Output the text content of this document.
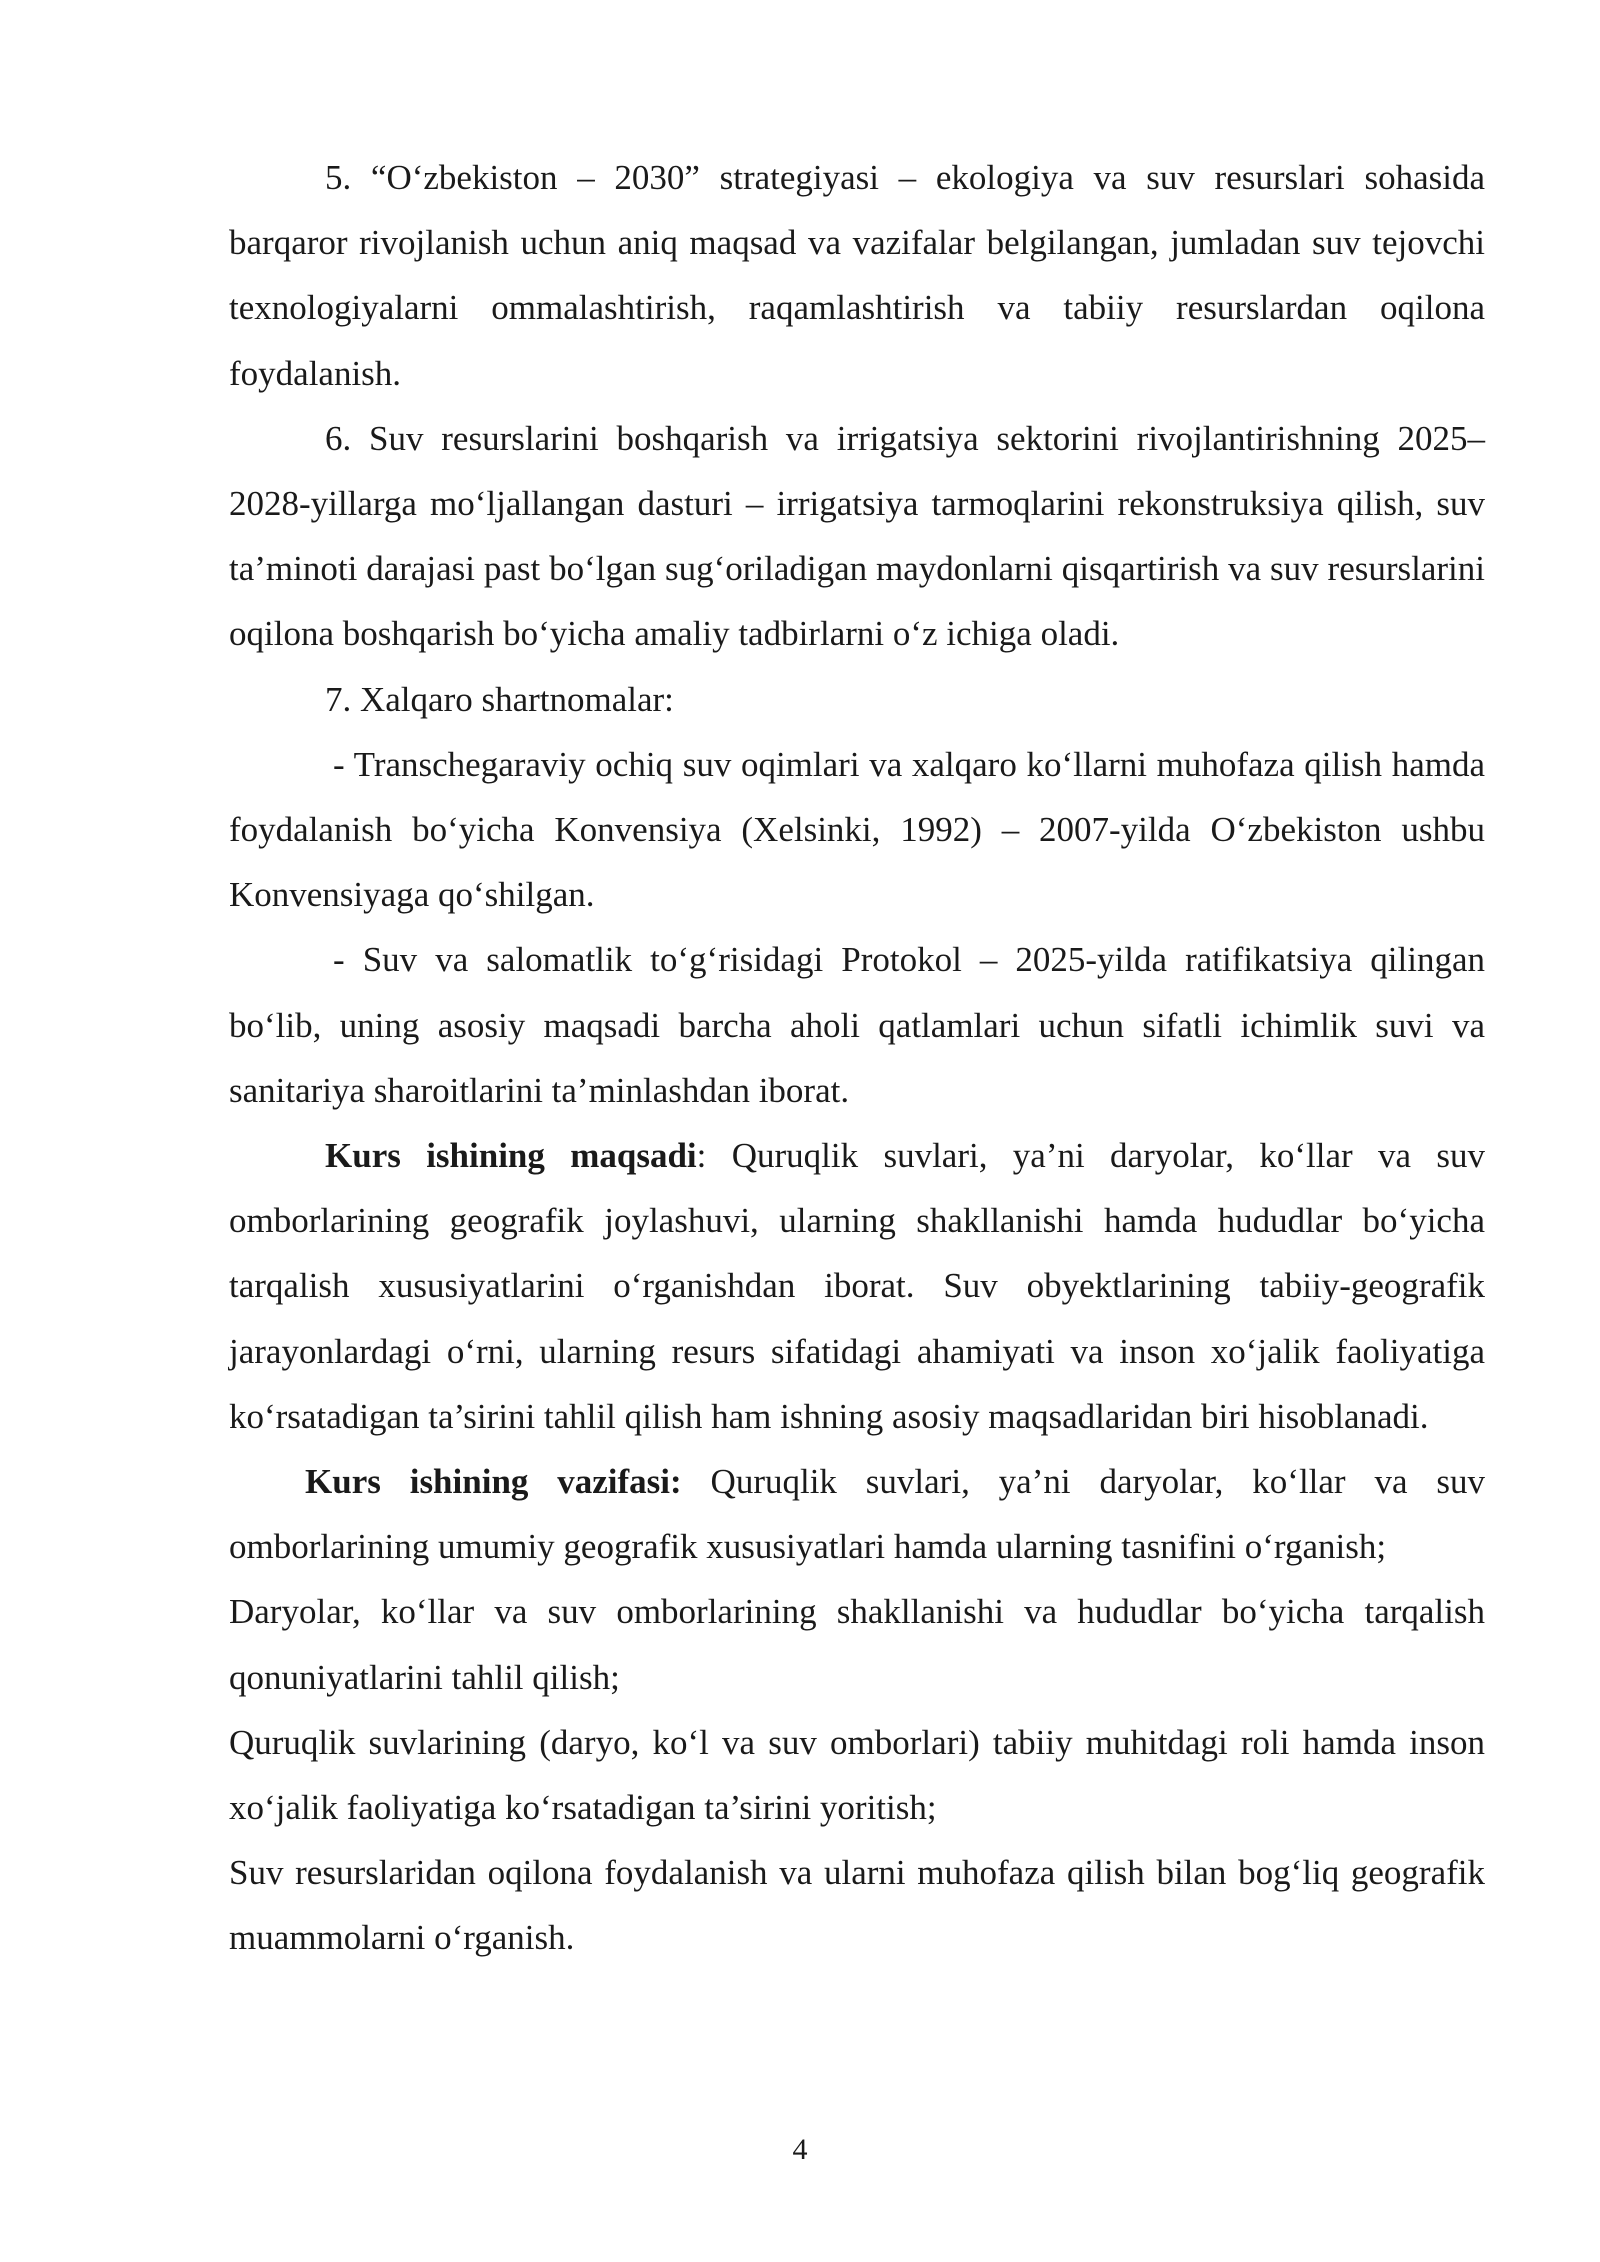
5. “O‘zbekiston – 2030” strategiyasi – ekologiya va suv resurslari sohasida barqaror rivojlanish uchun aniq maqsad va vazifalar belgilangan, jumladan suv tejovchi texnologiyalarni ommalashtirish, raqamlashtirish va tabiiy resurslardan oqilona foydalanish.

6. Suv resurslarini boshqarish va irrigatsiya sektorini rivojlantirishning 2025–2028-yillarga mo‘ljallangan dasturi – irrigatsiya tarmoqlarini rekonstruksiya qilish, suv ta’minoti darajasi past bo‘lgan sug‘oriladigan maydonlarni qisqartirish va suv resurslarini oqilona boshqarish bo‘yicha amaliy tadbirlarni o‘z ichiga oladi.

7. Xalqaro shartnomalar:

- Transchegaraviy ochiq suv oqimlari va xalqaro ko‘llarni muhofaza qilish hamda foydalanish bo‘yicha Konvensiya (Xelsinki, 1992) – 2007-yilda O‘zbekiston ushbu Konvensiyaga qo‘shilgan.

- Suv va salomatlik to‘g‘risidagi Protokol – 2025-yilda ratifikatsiya qilingan bo‘lib, uning asosiy maqsadi barcha aholi qatlamlari uchun sifatli ichimlik suvi va sanitariya sharoitlarini ta’minlashdan iborat.

Kurs ishining maqsadi: Quruqlik suvlari, ya’ni daryolar, ko‘llar va suv omborlarining geografik joylashuvi, ularning shakllanishi hamda hududlar bo‘yicha tarqalish xususiyatlarini o‘rganishdan iborat. Suv obyektlarining tabiiy-geografik jarayonlardagi o‘rni, ularning resurs sifatidagi ahamiyati va inson xo‘jalik faoliyatiga ko‘rsatadigan ta’sirini tahlil qilish ham ishning asosiy maqsadlaridan biri hisoblanadi.

Kurs ishining vazifasi: Quruqlik suvlari, ya’ni daryolar, ko‘llar va suv omborlarining umumiy geografik xususiyatlari hamda ularning tasnifini o‘rganish;

Daryolar, ko‘llar va suv omborlarining shakllanishi va hududlar bo‘yicha tarqalish qonuniyatlarini tahlil qilish;

Quruqlik suvlarining (daryo, ko‘l va suv omborlari) tabiiy muhitdagi roli hamda inson xo‘jalik faoliyatiga ko‘rsatadigan ta’sirini yoritish;

Suv resurslaridan oqilona foydalanish va ularni muhofaza qilish bilan bog‘liq geografik muammolarni o‘rganish.

4
